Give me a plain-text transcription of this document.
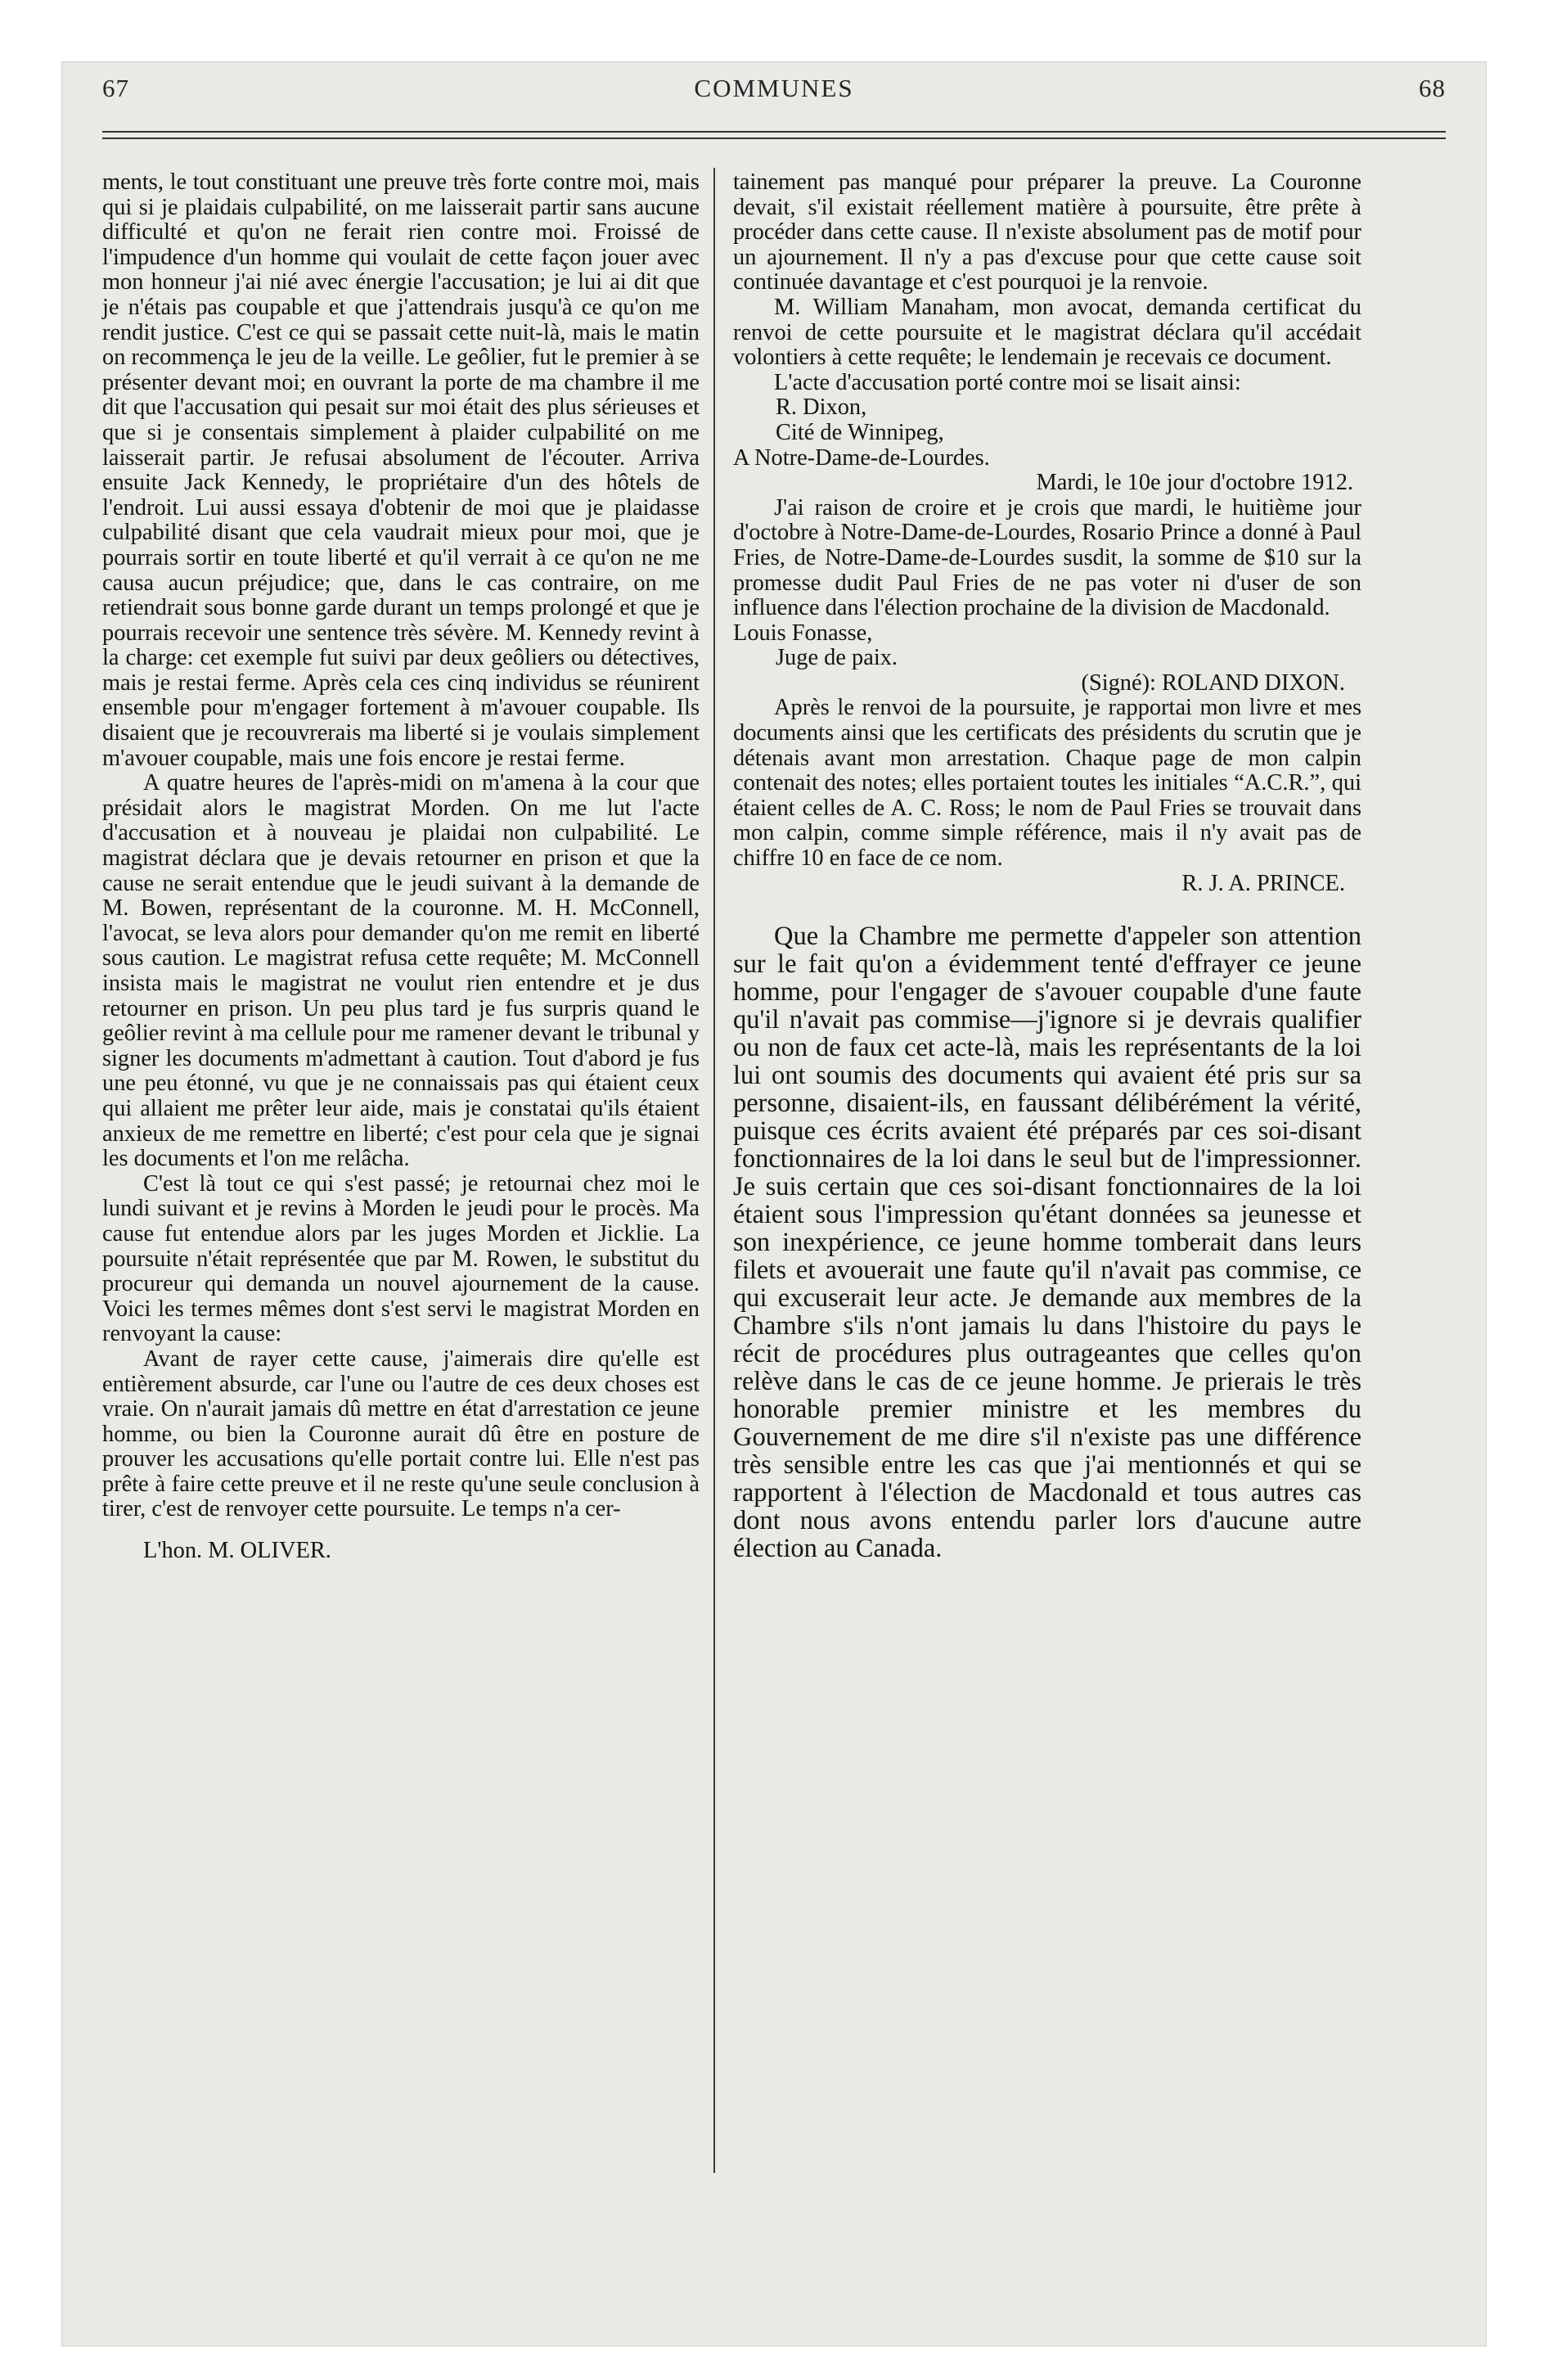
67	COMMUNES	68

ments, le tout constituant une preuve très forte contre moi, mais qui si je plaidais culpabilité, on me laisserait partir sans aucune difficulté et qu'on ne ferait rien contre moi. Froissé de l'impudence d'un homme qui voulait de cette façon jouer avec mon honneur j'ai nié avec énergie l'accusation; je lui ai dit que je n'étais pas coupable et que j'attendrais jusqu'à ce qu'on me rendit justice. C'est ce qui se passait cette nuit-là, mais le matin on recommença le jeu de la veille. Le geôlier, fut le premier à se présenter devant moi; en ouvrant la porte de ma chambre il me dit que l'accusation qui pesait sur moi était des plus sérieuses et que si je consentais simplement à plaider culpabilité on me laisserait partir. Je refusai absolument de l'écouter. Arriva ensuite Jack Kennedy, le propriétaire d'un des hôtels de l'endroit. Lui aussi essaya d'obtenir de moi que je plaidasse culpabilité disant que cela vaudrait mieux pour moi, que je pourrais sortir en toute liberté et qu'il verrait à ce qu'on ne me causa aucun préjudice; que, dans le cas contraire, on me retiendrait sous bonne garde durant un temps prolongé et que je pourrais recevoir une sentence très sévère. M. Kennedy revint à la charge: cet exemple fut suivi par deux geôliers ou détectives, mais je restai ferme. Après cela ces cinq individus se réunirent ensemble pour m'engager fortement à m'avouer coupable. Ils disaient que je recouvrerais ma liberté si je voulais simplement m'avouer coupable, mais une fois encore je restai ferme.

A quatre heures de l'après-midi on m'amena à la cour que présidait alors le magistrat Morden. On me lut l'acte d'accusation et à nouveau je plaidai non culpabilité. Le magistrat déclara que je devais retourner en prison et que la cause ne serait entendue que le jeudi suivant à la demande de M. Bowen, représentant de la couronne. M. H. McConnell, l'avocat, se leva alors pour demander qu'on me remit en liberté sous caution. Le magistrat refusa cette requête; M. McConnell insista mais le magistrat ne voulut rien entendre et je dus retourner en prison. Un peu plus tard je fus surpris quand le geôlier revint à ma cellule pour me ramener devant le tribunal y signer les documents m'admettant à caution. Tout d'abord je fus une peu étonné, vu que je ne connaissais pas qui étaient ceux qui allaient me prêter leur aide, mais je constatai qu'ils étaient anxieux de me remettre en liberté; c'est pour cela que je signai les documents et l'on me relâcha.

C'est là tout ce qui s'est passé; je retournai chez moi le lundi suivant et je revins à Morden le jeudi pour le procès. Ma cause fut entendue alors par les juges Morden et Jicklie. La poursuite n'était représentée que par M. Rowen, le substitut du procureur qui demanda un nouvel ajournement de la cause. Voici les termes mêmes dont s'est servi le magistrat Morden en renvoyant la cause:

Avant de rayer cette cause, j'aimerais dire qu'elle est entièrement absurde, car l'une ou l'autre de ces deux choses est vraie. On n'aurait jamais dû mettre en état d'arrestation ce jeune homme, ou bien la Couronne aurait dû être en posture de prouver les accusations qu'elle portait contre lui. Elle n'est pas prête à faire cette preuve et il ne reste qu'une seule conclusion à tirer, c'est de renvoyer cette poursuite. Le temps n'a cer-

L'hon. M. OLIVER.

tainement pas manqué pour préparer la preuve. La Couronne devait, s'il existait réellement matière à poursuite, être prête à procéder dans cette cause. Il n'existe absolument pas de motif pour un ajournement. Il n'y a pas d'excuse pour que cette cause soit continuée davantage et c'est pourquoi je la renvoie.

M. William Manaham, mon avocat, demanda certificat du renvoi de cette poursuite et le magistrat déclara qu'il accédait volontiers à cette requête; le lendemain je recevais ce document.

L'acte d'accusation porté contre moi se lisait ainsi:

R. Dixon,

Cité de Winnipeg,

A Notre-Dame-de-Lourdes.

Mardi, le 10e jour d'octobre 1912.

J'ai raison de croire et je crois que mardi, le huitième jour d'octobre à Notre-Dame-de-Lourdes, Rosario Prince a donné à Paul Fries, de Notre-Dame-de-Lourdes susdit, la somme de $10 sur la promesse dudit Paul Fries de ne pas voter ni d'user de son influence dans l'élection prochaine de la division de Macdonald.

Louis Fonasse,

Juge de paix.

(Signé): ROLAND DIXON.

Après le renvoi de la poursuite, je rapportai mon livre et mes documents ainsi que les certificats des présidents du scrutin que je détenais avant mon arrestation. Chaque page de mon calpin contenait des notes; elles portaient toutes les initiales “A.C.R.”, qui étaient celles de A. C. Ross; le nom de Paul Fries se trouvait dans mon calpin, comme simple référence, mais il n'y avait pas de chiffre 10 en face de ce nom.

R. J. A. PRINCE.

Que la Chambre me permette d'appeler son attention sur le fait qu'on a évidemment tenté d'effrayer ce jeune homme, pour l'engager de s'avouer coupable d'une faute qu'il n'avait pas commise—j'ignore si je devrais qualifier ou non de faux cet acte-là, mais les représentants de la loi lui ont soumis des documents qui avaient été pris sur sa personne, disaient-ils, en faussant délibérément la vérité, puisque ces écrits avaient été préparés par ces soi-disant fonctionnaires de la loi dans le seul but de l'impressionner. Je suis certain que ces soi-disant fonctionnaires de la loi étaient sous l'impression qu'étant données sa jeunesse et son inexpérience, ce jeune homme tomberait dans leurs filets et avouerait une faute qu'il n'avait pas commise, ce qui excuserait leur acte. Je demande aux membres de la Chambre s'ils n'ont jamais lu dans l'histoire du pays le récit de procédures plus outrageantes que celles qu'on relève dans le cas de ce jeune homme. Je prierais le très honorable premier ministre et les membres du Gouvernement de me dire s'il n'existe pas une différence très sensible entre les cas que j'ai mentionnés et qui se rapportent à l'élection de Macdonald et tous autres cas dont nous avons entendu parler lors d'aucune autre élection au Canada.
